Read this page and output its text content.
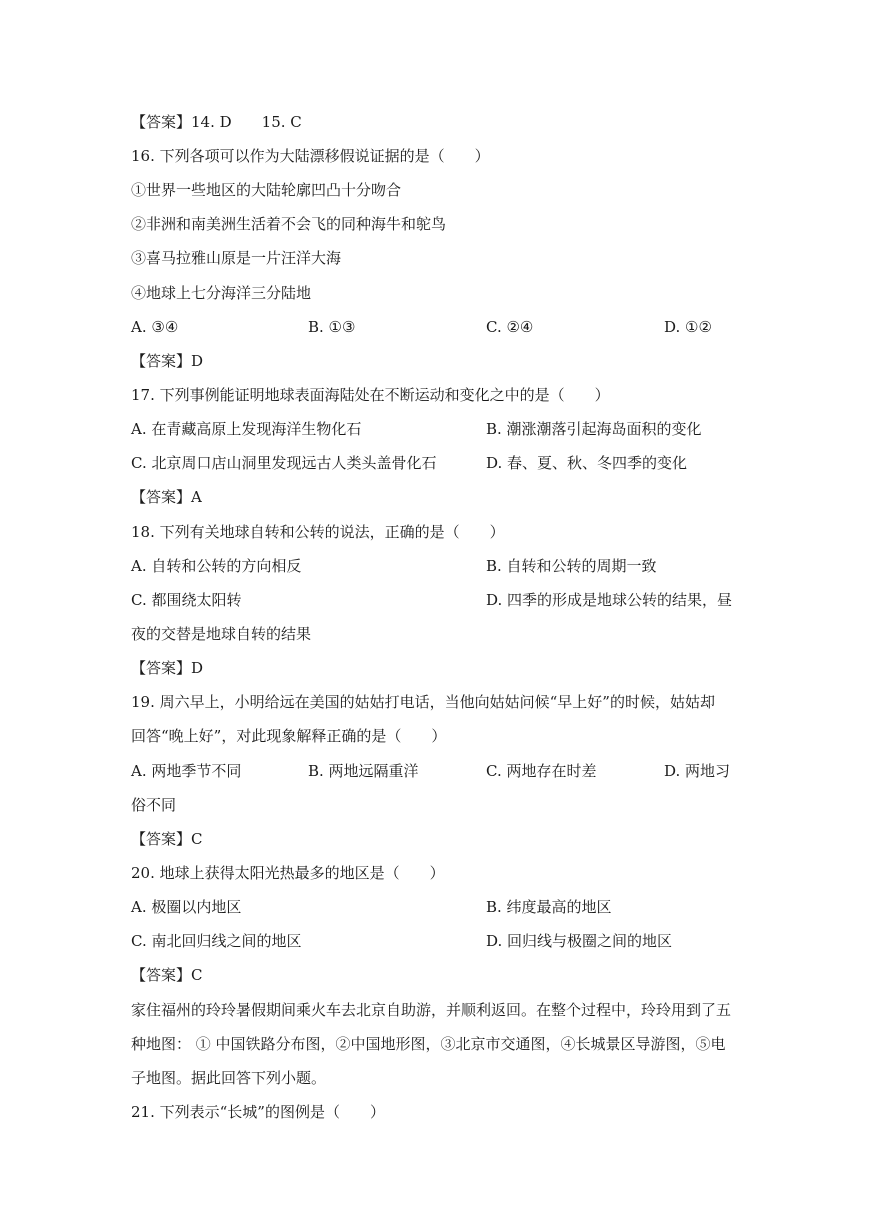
【答案】14. D　　15. C
16. 下列各项可以作为大陆漂移假说证据的是（　　）
①世界一些地区的大陆轮廓凹凸十分吻合
②非洲和南美洲生活着不会飞的同种海牛和鸵鸟
③喜马拉雅山原是一片汪洋大海
④地球上七分海洋三分陆地
A. ③④	B. ①③	C. ②④	D. ①②
【答案】D
17. 下列事例能证明地球表面海陆处在不断运动和变化之中的是（　　）
A. 在青藏高原上发现海洋生物化石	B. 潮涨潮落引起海岛面积的变化
C. 北京周口店山洞里发现远古人类头盖骨化石	D. 春、夏、秋、冬四季的变化
【答案】A
18. 下列有关地球自转和公转的说法，正确的是（　　）
A. 自转和公转的方向相反	B. 自转和公转的周期一致
C. 都围绕太阳转	D. 四季的形成是地球公转的结果，昼
夜的交替是地球自转的结果
【答案】D
19. 周六早上，小明给远在美国的姑姑打电话，当他向姑姑问候“早上好”的时候，姑姑却
回答“晚上好”，对此现象解释正确的是（　　）
A. 两地季节不同	B. 两地远隔重洋	C. 两地存在时差	D. 两地习
俗不同
【答案】C
20. 地球上获得太阳光热最多的地区是（　　）
A. 极圈以内地区	B. 纬度最高的地区
C. 南北回归线之间的地区	D. 回归线与极圈之间的地区
【答案】C
家住福州的玲玲暑假期间乘火车去北京自助游，并顺利返回。在整个过程中，玲玲用到了五
种地图： ① 中国铁路分布图，②中国地形图，③北京市交通图，④长城景区导游图，⑤电
子地图。据此回答下列小题。
21. 下列表示“长城”的图例是（　　）
